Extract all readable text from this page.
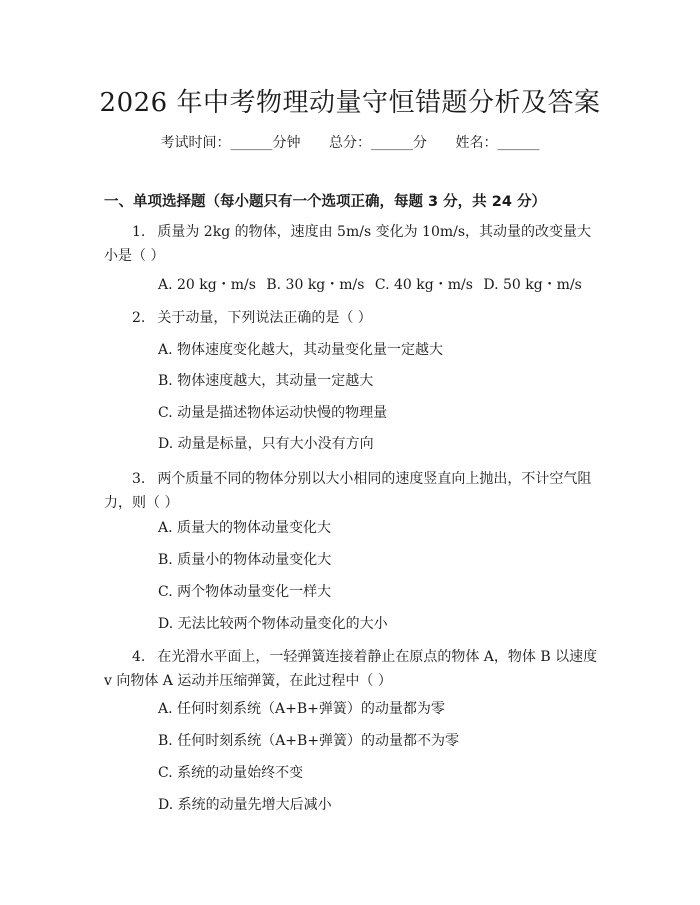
2026 年中考物理动量守恒错题分析及答案
考试时间：______分钟 总分：______分 姓名：______
一、单项选择题（每小题只有一个选项正确，每题 3 分，共 24 分）
1. 质量为 2kg 的物体，速度由 5m/s 变化为 10m/s，其动量的改变量大小是（ ）
A. 20 kg・m/s B. 30 kg・m/s C. 40 kg・m/s D. 50 kg・m/s
2. 关于动量，下列说法正确的是（ ）
A. 物体速度变化越大，其动量变化量一定越大
B. 物体速度越大，其动量一定越大
C. 动量是描述物体运动快慢的物理量
D. 动量是标量，只有大小没有方向
3. 两个质量不同的物体分别以大小相同的速度竖直向上抛出，不计空气阻力，则（ ）
A. 质量大的物体动量变化大
B. 质量小的物体动量变化大
C. 两个物体动量变化一样大
D. 无法比较两个物体动量变化的大小
4. 在光滑水平面上，一轻弹簧连接着静止在原点的物体 A，物体 B 以速度 v 向物体 A 运动并压缩弹簧，在此过程中（ ）
A. 任何时刻系统（A+B+弹簧）的动量都为零
B. 任何时刻系统（A+B+弹簧）的动量都不为零
C. 系统的动量始终不变
D. 系统的动量先增大后减小
